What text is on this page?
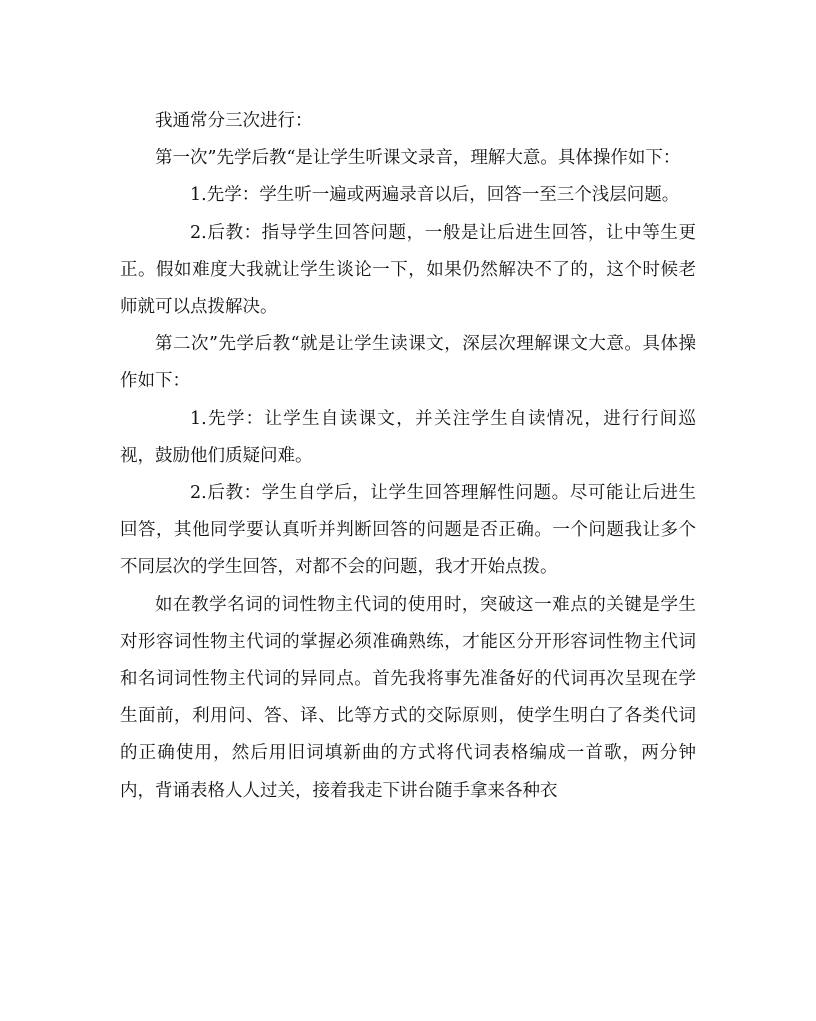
我通常分三次进行：

第一次”先学后教“是让学生听课文录音，理解大意。具体操作如下：

1.先学：学生听一遍或两遍录音以后，回答一至三个浅层问题。

2.后教：指导学生回答问题，一般是让后进生回答，让中等生更正。假如难度大我就让学生谈论一下，如果仍然解决不了的，这个时候老师就可以点拨解决。

第二次”先学后教“就是让学生读课文，深层次理解课文大意。具体操作如下：

1.先学：让学生自读课文，并关注学生自读情况，进行行间巡视，鼓励他们质疑问难。

2.后教：学生自学后，让学生回答理解性问题。尽可能让后进生回答，其他同学要认真听并判断回答的问题是否正确。一个问题我让多个不同层次的学生回答，对都不会的问题，我才开始点拨。

如在教学名词的词性物主代词的使用时，突破这一难点的关键是学生对形容词性物主代词的掌握必须准确熟练，才能区分开形容词性物主代词和名词词性物主代词的异同点。首先我将事先准备好的代词再次呈现在学生面前，利用问、答、译、比等方式的交际原则，使学生明白了各类代词的正确使用，然后用旧词填新曲的方式将代词表格编成一首歌，两分钟内，背诵表格人人过关，接着我走下讲台随手拿来各种衣
